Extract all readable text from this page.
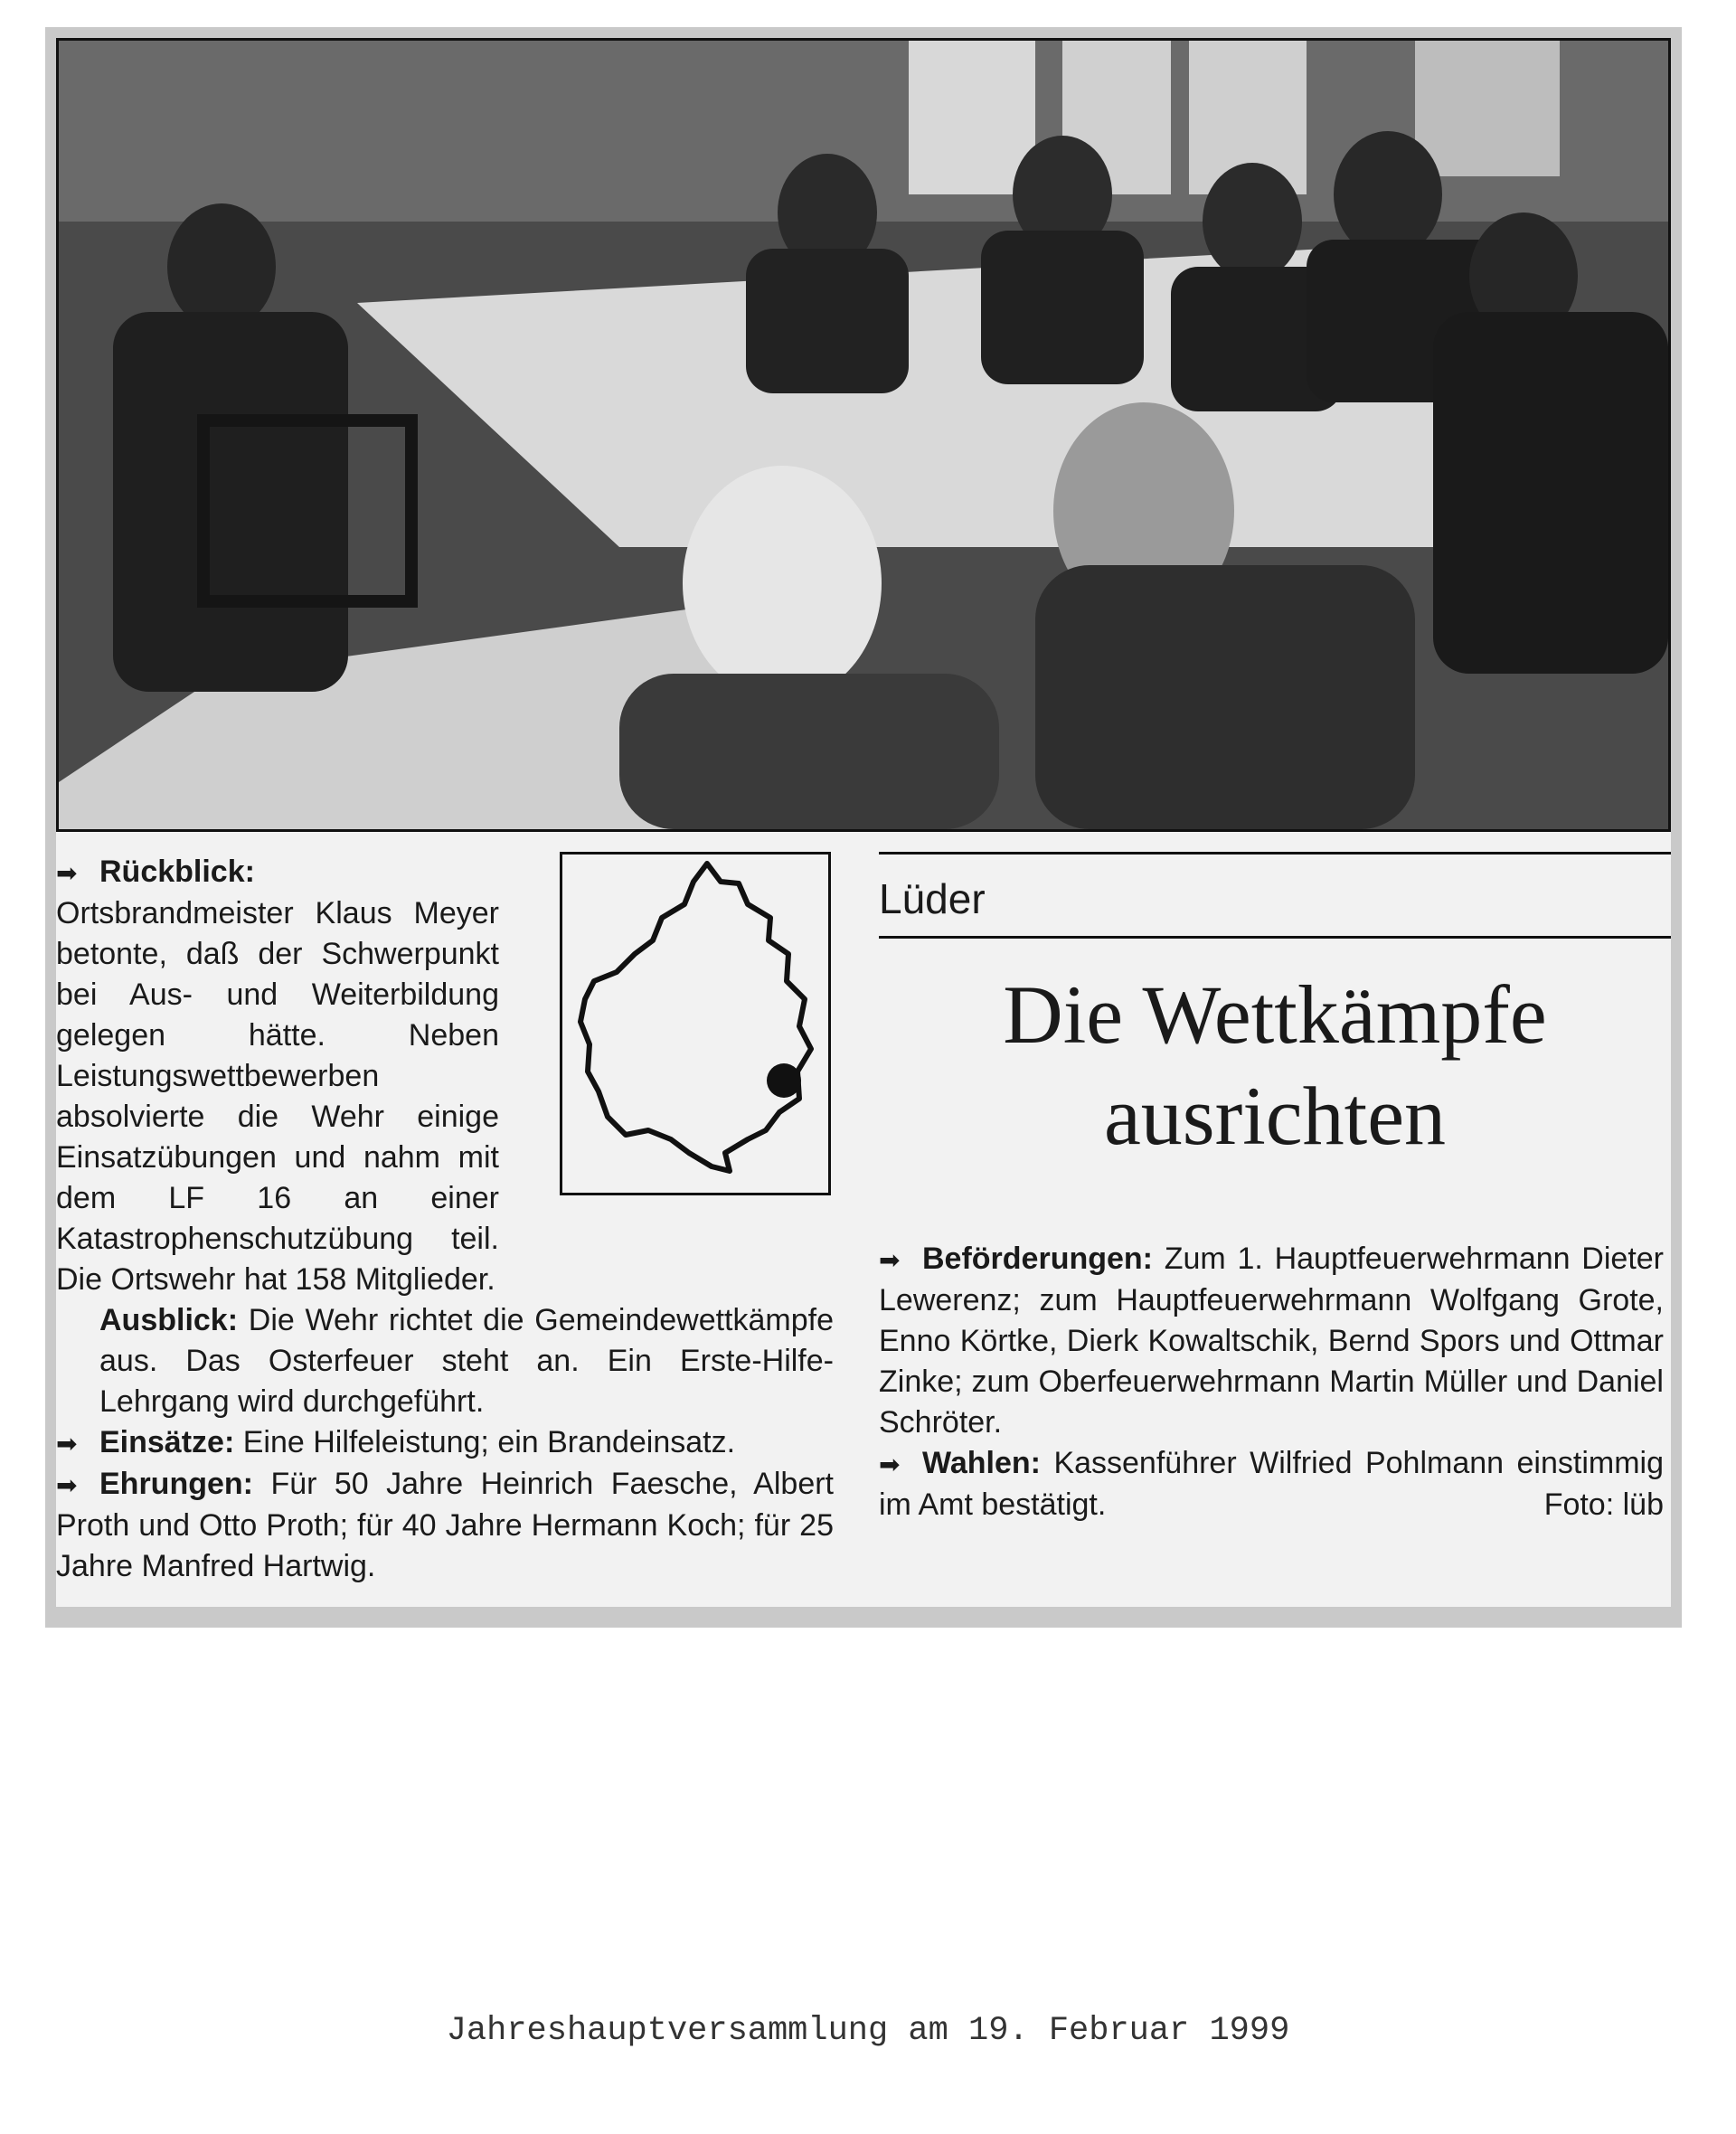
➡ Rückblick: Ortsbrandmeister Klaus Meyer betonte, daß der Schwerpunkt bei Aus- und Weiterbildung gelegen hätte. Neben Leistungswettbewerben absolvierte die Wehr einige Einsatzübungen und nahm mit dem LF 16 an einer Katastrophenschutzübung teil. Die Ortswehr hat 158 Mitglieder.

Ausblick: Die Wehr richtet die Gemeindewettkämpfe aus. Das Osterfeuer steht an. Ein Erste-Hilfe-Lehrgang wird durchgeführt.

➡ Einsätze: Eine Hilfeleistung; ein Brandeinsatz.

➡ Ehrungen: Für 50 Jahre Heinrich Faesche, Albert Proth und Otto Proth; für 40 Jahre Hermann Koch; für 25 Jahre Manfred Hartwig.

Lüder
Die Wettkämpfe
ausrichten

➡ Beförderungen: Zum 1. Hauptfeuerwehrmann Dieter Lewerenz; zum Hauptfeuerwehrmann Wolfgang Grote, Enno Körtke, Dierk Kowaltschik, Bernd Spors und Ottmar Zinke; zum Oberfeuerwehrmann Martin Müller und Daniel Schröter.

➡ Wahlen: Kassenführer Wilfried Pohlmann einstimmig im Amt bestätigt.	Foto: lüb

Jahreshauptversammlung am 19. Februar 1999
